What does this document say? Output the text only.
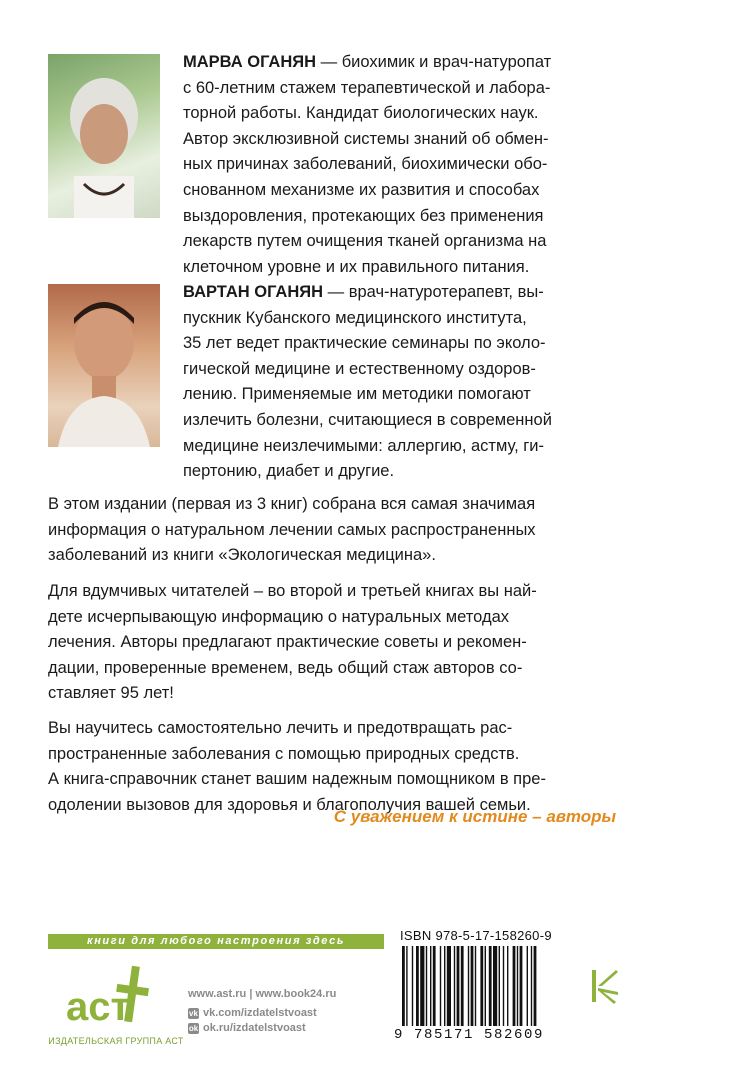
МАРВА ОГАНЯН — биохимик и врач-натуропат
с 60-летним стажем терапевтической и лабора-
торной работы. Кандидат биологических наук.
Автор эксклюзивной системы знаний об обмен-
ных причинах заболеваний, биохимически обо-
снованном механизме их развития и способах
выздоровления, протекающих без применения
лекарств путем очищения тканей организма на
клеточном уровне и их правильного питания.
ВАРТАН ОГАНЯН — врач-натуротерапевт, вы-
пускник Кубанского медицинского института,
35 лет ведет практические семинары по эколо-
гической медицине и естественному оздоров-
лению. Применяемые им методики помогают
излечить болезни, считающиеся в современной
медицине неизлечимыми: аллергию, астму, ги-
пертонию, диабет и другие.

В этом издании (первая из 3 книг) собрана вся самая значимая
информация о натуральном лечении самых распространенных
заболеваний из книги «Экологическая медицина».

Для вдумчивых читателей – во второй и третьей книгах вы най-
дете исчерпывающую информацию о натуральных методах
лечения. Авторы предлагают практические советы и рекомен-
дации, проверенные временем, ведь общий стаж авторов со-
ставляет 95 лет!

Вы научитесь самостоятельно лечить и предотвращать рас-
пространенные заболевания с помощью природных средств.
А книга-справочник станет вашим надежным помощником в пре-
одолении вызовов для здоровья и благополучия вашей семьи.

С уважением к истине – авторы
книги для любого настроения здесь
аст
ИЗДАТЕЛЬСКАЯ ГРУППА АСТ
www.ast.ru | www.book24.ru
vk vk.com/izdatelstvoast
ok ok.ru/izdatelstvoast
ISBN 978-5-17-158260-9
9 785171 582609
